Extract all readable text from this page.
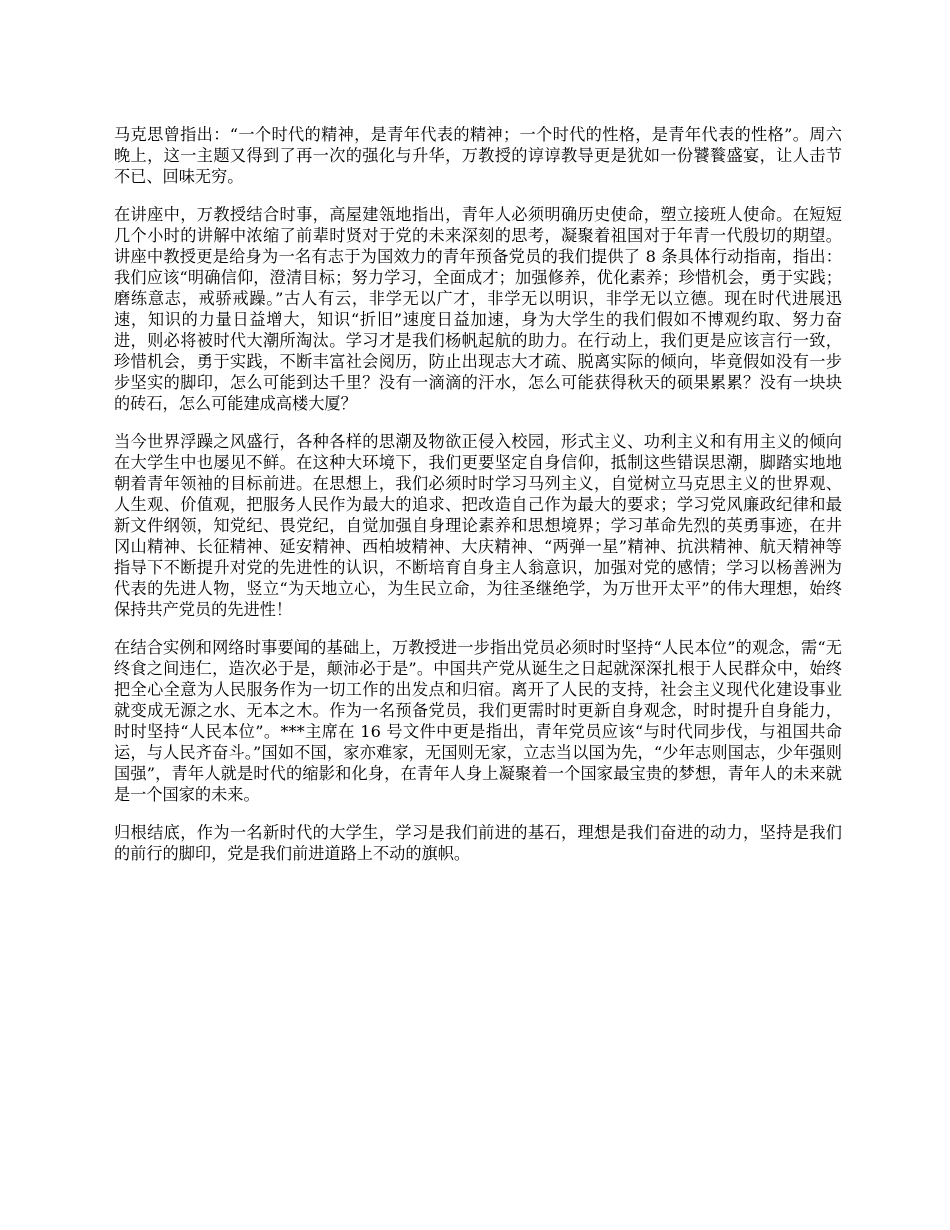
马克思曾指出：“一个时代的精神，是青年代表的精神；一个时代的性格，是青年代表的性格”。周六晚上，这一主题又得到了再一次的强化与升华，万教授的谆谆教导更是犹如一份饕餮盛宴，让人击节不已、回味无穷。

在讲座中，万教授结合时事，高屋建瓴地指出，青年人必须明确历史使命，塑立接班人使命。在短短几个小时的讲解中浓缩了前辈时贤对于党的未来深刻的思考，凝聚着祖国对于年青一代殷切的期望。讲座中教授更是给身为一名有志于为国效力的青年预备党员的我们提供了 8 条具体行动指南，指出：我们应该“明确信仰，澄清目标；努力学习，全面成才；加强修养，优化素养；珍惜机会，勇于实践；磨练意志，戒骄戒躁。”古人有云，非学无以广才，非学无以明识，非学无以立德。现在时代进展迅速，知识的力量日益增大，知识“折旧”速度日益加速，身为大学生的我们假如不博观约取、努力奋进，则必将被时代大潮所淘汰。学习才是我们杨帆起航的助力。在行动上，我们更是应该言行一致，珍惜机会，勇于实践，不断丰富社会阅历，防止出现志大才疏、脱离实际的倾向，毕竟假如没有一步步坚实的脚印，怎么可能到达千里？没有一滴滴的汗水，怎么可能获得秋天的硕果累累？没有一块块的砖石，怎么可能建成高楼大厦？

当今世界浮躁之风盛行，各种各样的思潮及物欲正侵入校园，形式主义、功利主义和有用主义的倾向在大学生中也屡见不鲜。在这种大环境下，我们更要坚定自身信仰，抵制这些错误思潮，脚踏实地地朝着青年领袖的目标前进。在思想上，我们必须时时学习马列主义，自觉树立马克思主义的世界观、人生观、价值观，把服务人民作为最大的追求、把改造自己作为最大的要求；学习党风廉政纪律和最新文件纲领，知党纪、畏党纪，自觉加强自身理论素养和思想境界；学习革命先烈的英勇事迹，在井冈山精神、长征精神、延安精神、西柏坡精神、大庆精神、“两弹一星”精神、抗洪精神、航天精神等指导下不断提升对党的先进性的认识，不断培育自身主人翁意识，加强对党的感情；学习以杨善洲为代表的先进人物，竖立“为天地立心，为生民立命，为往圣继绝学，为万世开太平”的伟大理想，始终保持共产党员的先进性！

在结合实例和网络时事要闻的基础上，万教授进一步指出党员必须时时坚持“人民本位”的观念，需“无终食之间违仁，造次必于是，颠沛必于是”。中国共产党从诞生之日起就深深扎根于人民群众中，始终把全心全意为人民服务作为一切工作的出发点和归宿。离开了人民的支持，社会主义现代化建设事业就变成无源之水、无本之木。作为一名预备党员，我们更需时时更新自身观念，时时提升自身能力，时时坚持“人民本位”。***主席在 16 号文件中更是指出，青年党员应该“与时代同步伐，与祖国共命运，与人民齐奋斗。”国如不国，家亦难家，无国则无家，立志当以国为先，“少年志则国志，少年强则国强”，青年人就是时代的缩影和化身，在青年人身上凝聚着一个国家最宝贵的梦想，青年人的未来就是一个国家的未来。

归根结底，作为一名新时代的大学生，学习是我们前进的基石，理想是我们奋进的动力，坚持是我们的前行的脚印，党是我们前进道路上不动的旗帜。
